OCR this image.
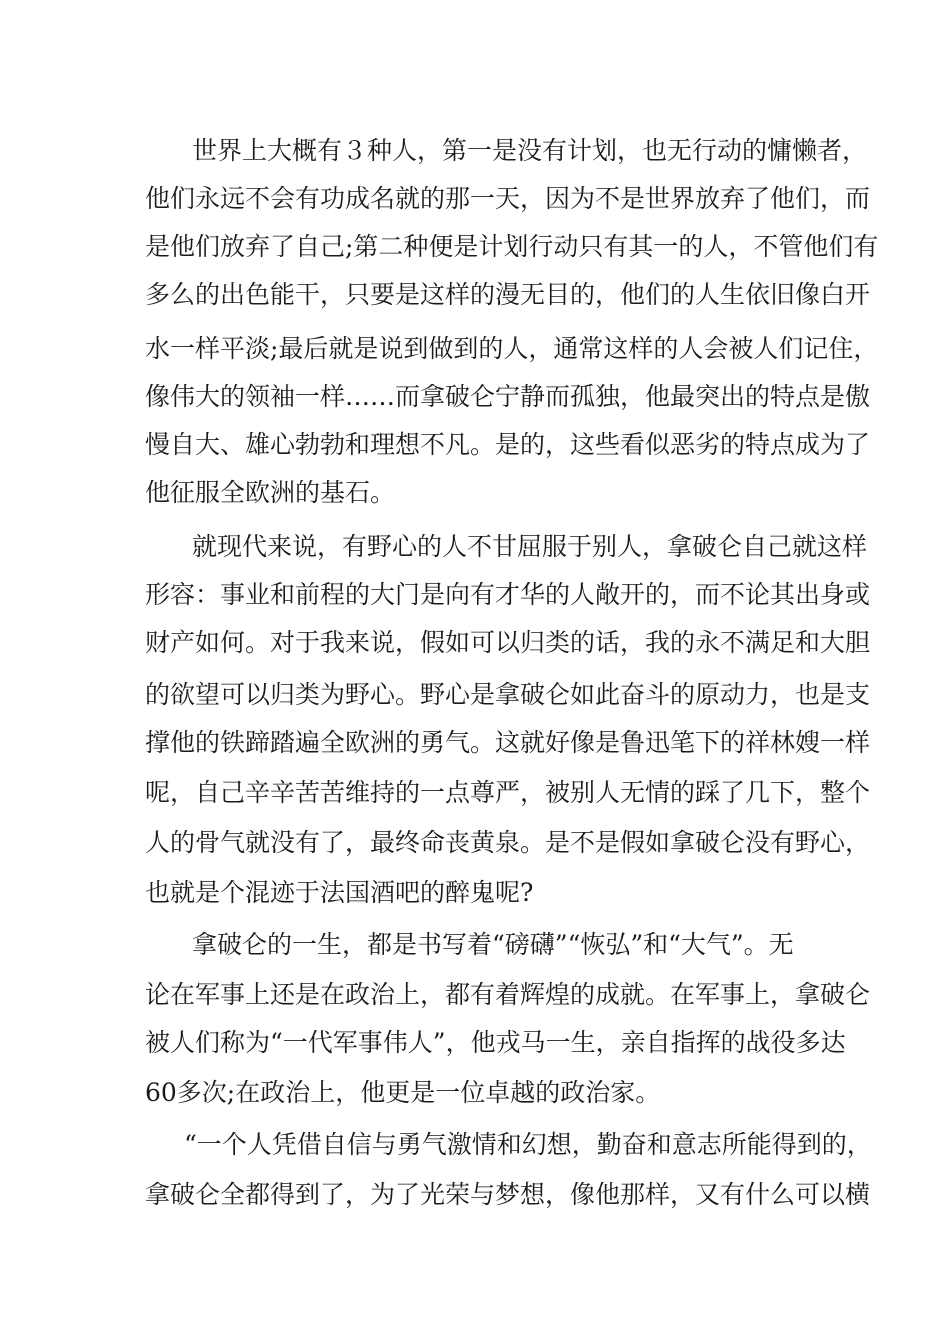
世界上大概有３种人，第一是没有计划，也无行动的慵懒者，
他们永远不会有功成名就的那一天，因为不是世界放弃了他们，而
是他们放弃了自己;第二种便是计划行动只有其一的人，不管他们有
多么的出色能干，只要是这样的漫无目的，他们的人生依旧像白开
水一样平淡;最后就是说到做到的人，通常这样的人会被人们记住，
像伟大的领袖一样……而拿破仑宁静而孤独，他最突出的特点是傲
慢自大、雄心勃勃和理想不凡。是的，这些看似恶劣的特点成为了
他征服全欧洲的基石。
就现代来说，有野心的人不甘屈服于别人，拿破仑自己就这样
形容：事业和前程的大门是向有才华的人敞开的，而不论其出身或
财产如何。对于我来说，假如可以归类的话，我的永不满足和大胆
的欲望可以归类为野心。野心是拿破仑如此奋斗的原动力，也是支
撑他的铁蹄踏遍全欧洲的勇气。这就好像是鲁迅笔下的祥林嫂一样
呢，自己辛辛苦苦维持的一点尊严，被别人无情的踩了几下，整个
人的骨气就没有了，最终命丧黄泉。是不是假如拿破仑没有野心，
也就是个混迹于法国酒吧的醉鬼呢?
拿破仑的一生，都是书写着“磅礴”“恢弘”和“大气”。无
论在军事上还是在政治上，都有着辉煌的成就。在军事上，拿破仑
被人们称为“一代军事伟人”，他戎马一生，亲自指挥的战役多达
60多次;在政治上，他更是一位卓越的政治家。
“一个人凭借自信与勇气激情和幻想，勤奋和意志所能得到的，
拿破仑全都得到了，为了光荣与梦想，像他那样，又有什么可以横
